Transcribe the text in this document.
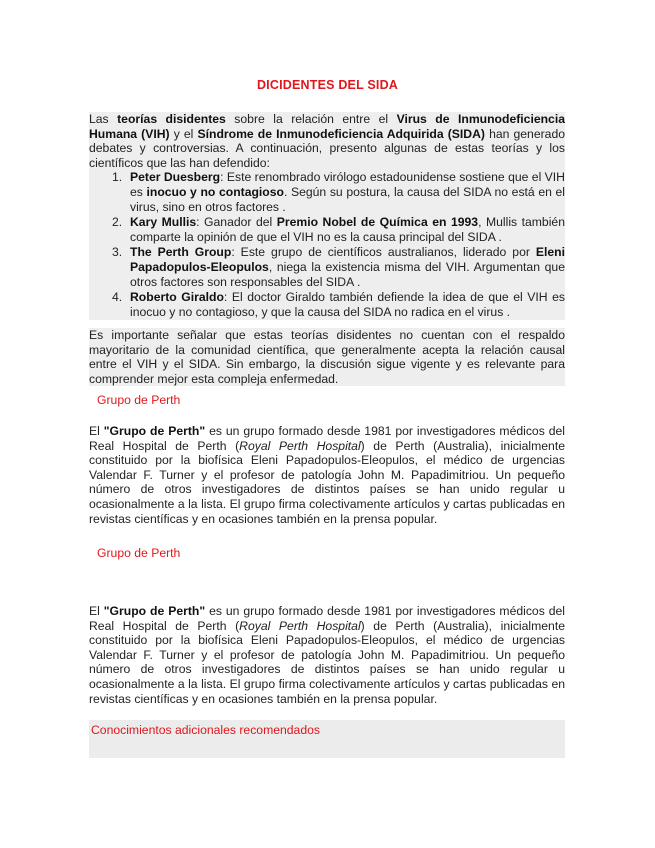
DICIDENTES DEL SIDA
Las teorías disidentes sobre la relación entre el Virus de Inmunodeficiencia Humana (VIH) y el Síndrome de Inmunodeficiencia Adquirida (SIDA) han generado debates y controversias. A continuación, presento algunas de estas teorías y los científicos que las han defendido:
1. Peter Duesberg: Este renombrado virólogo estadounidense sostiene que el VIH es inocuo y no contagioso. Según su postura, la causa del SIDA no está en el virus, sino en otros factores .
2. Kary Mullis: Ganador del Premio Nobel de Química en 1993, Mullis también comparte la opinión de que el VIH no es la causa principal del SIDA .
3. The Perth Group: Este grupo de científicos australianos, liderado por Eleni Papadopulos-Eleopulos, niega la existencia misma del VIH. Argumentan que otros factores son responsables del SIDA .
4. Roberto Giraldo: El doctor Giraldo también defiende la idea de que el VIH es inocuo y no contagioso, y que la causa del SIDA no radica en el virus .
Es importante señalar que estas teorías disidentes no cuentan con el respaldo mayoritario de la comunidad científica, que generalmente acepta la relación causal entre el VIH y el SIDA. Sin embargo, la discusión sigue vigente y es relevante para comprender mejor esta compleja enfermedad.
Grupo de Perth
El "Grupo de Perth" es un grupo formado desde 1981 por investigadores médicos del Real Hospital de Perth (Royal Perth Hospital) de Perth (Australia), inicialmente constituido por la biofísica Eleni Papadopulos-Eleopulos, el médico de urgencias Valendar F. Turner y el profesor de patología John M. Papadimitriou. Un pequeño número de otros investigadores de distintos países se han unido regular u ocasionalmente a la lista. El grupo firma colectivamente artículos y cartas publicadas en revistas científicas y en ocasiones también en la prensa popular.
Grupo de Perth
El "Grupo de Perth" es un grupo formado desde 1981 por investigadores médicos del Real Hospital de Perth (Royal Perth Hospital) de Perth (Australia), inicialmente constituido por la biofísica Eleni Papadopulos-Eleopulos, el médico de urgencias Valendar F. Turner y el profesor de patología John M. Papadimitriou. Un pequeño número de otros investigadores de distintos países se han unido regular u ocasionalmente a la lista. El grupo firma colectivamente artículos y cartas publicadas en revistas científicas y en ocasiones también en la prensa popular.
Conocimientos adicionales recomendados
